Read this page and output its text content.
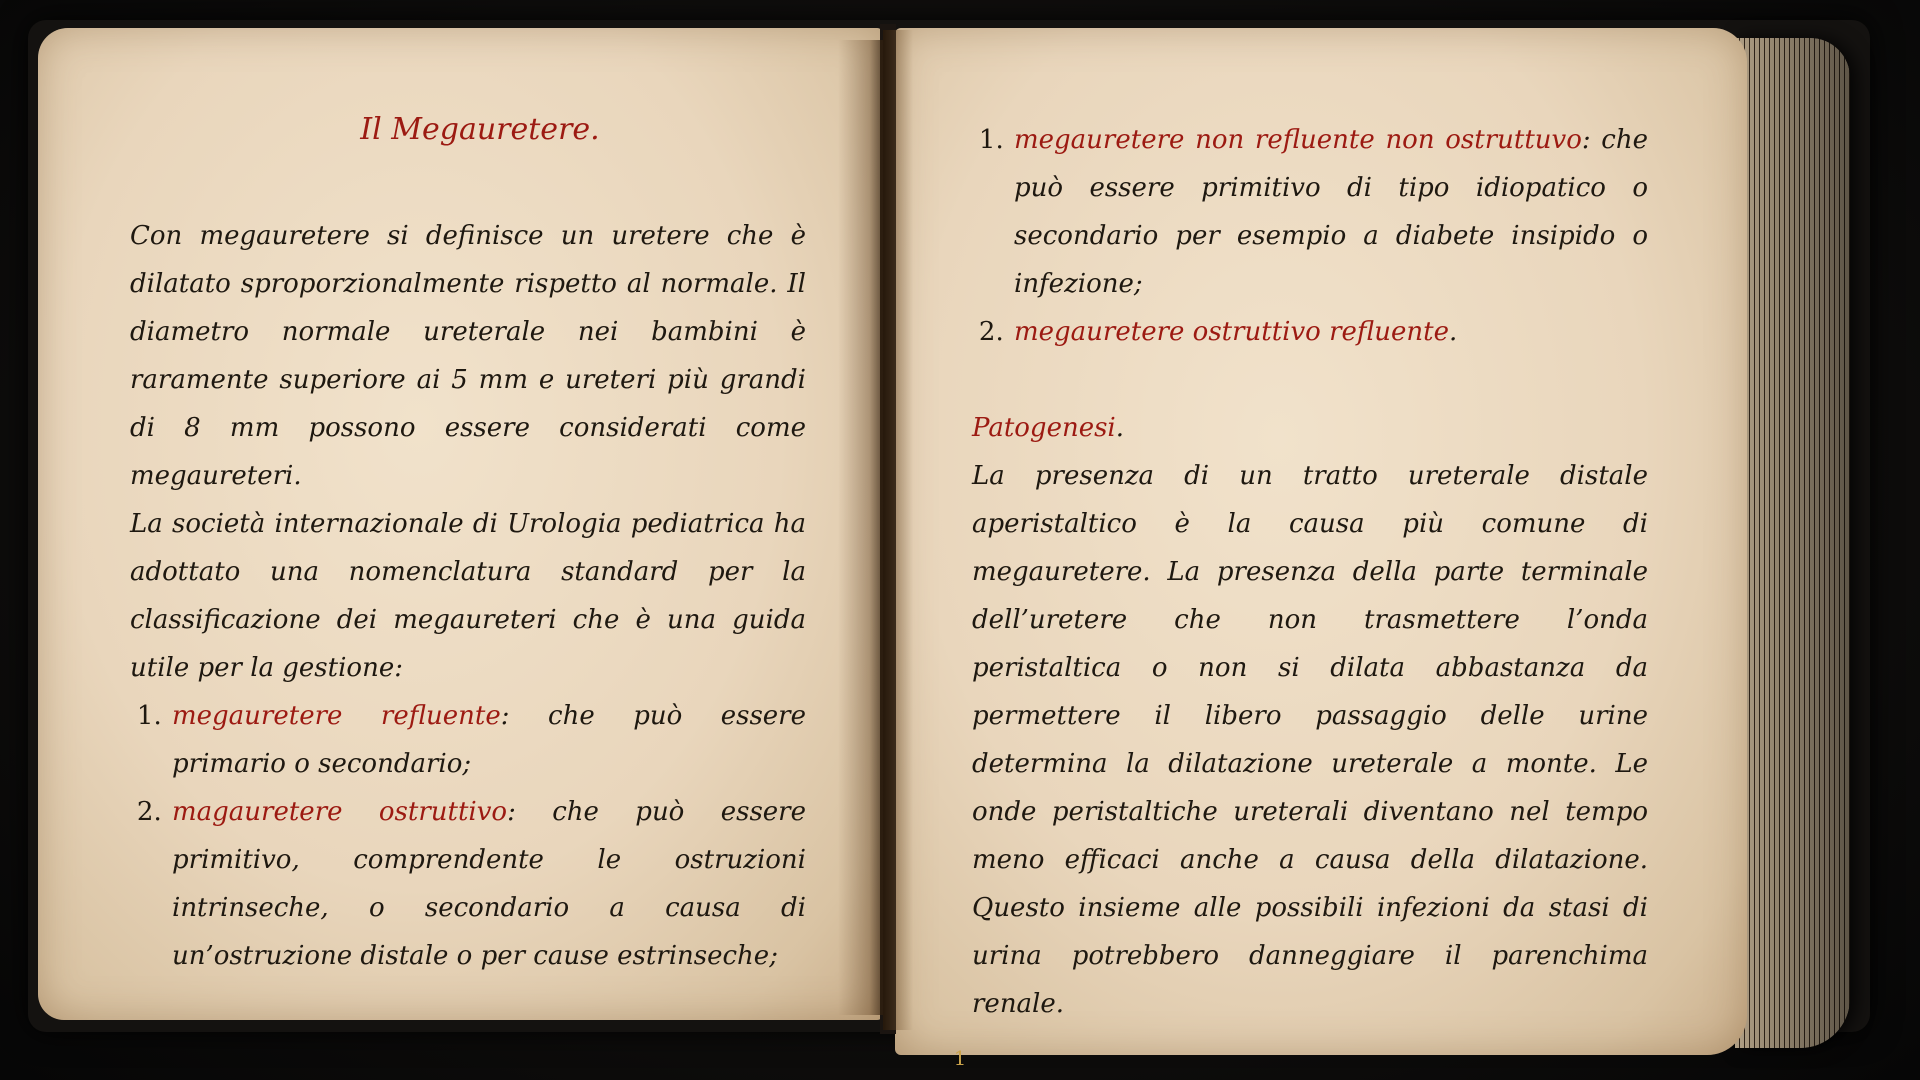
Il Megauretere.

Con megauretere si definisce un uretere che è dilatato sproporzionalmente rispetto al normale. Il diametro normale ureterale nei bambini è raramente superiore ai 5 mm e ureteri più grandi di 8 mm possono essere considerati come megaureteri.

La società internazionale di Urologia pediatrica ha adottato una nomenclatura standard per la classificazione dei megaureteri che è una guida utile per la gestione:

1. megauretere refluente: che può essere primario o secondario;
2. magauretere ostruttivo: che può essere primitivo, comprendente le ostruzioni intrinseche, o secondario a causa di un’ostruzione distale o per cause estrinseche;
1. megauretere non refluente non ostruttuvo: che può essere primitivo di tipo idiopatico o secondario per esempio a diabete insipido o infezione;
2. megauretere ostruttivo refluente.

Patogenesi.

La presenza di un tratto ureterale distale aperistaltico è la causa più comune di megauretere. La presenza della parte terminale dell’uretere che non trasmettere l’onda peristaltica o non si dilata abbastanza da permettere il libero passaggio delle urine determina la dilatazione ureterale a monte. Le onde peristaltiche ureterali diventano nel tempo meno efficaci anche a causa della dilatazione. Questo insieme alle possibili infezioni da stasi di urina potrebbero danneggiare il parenchima renale.

1
